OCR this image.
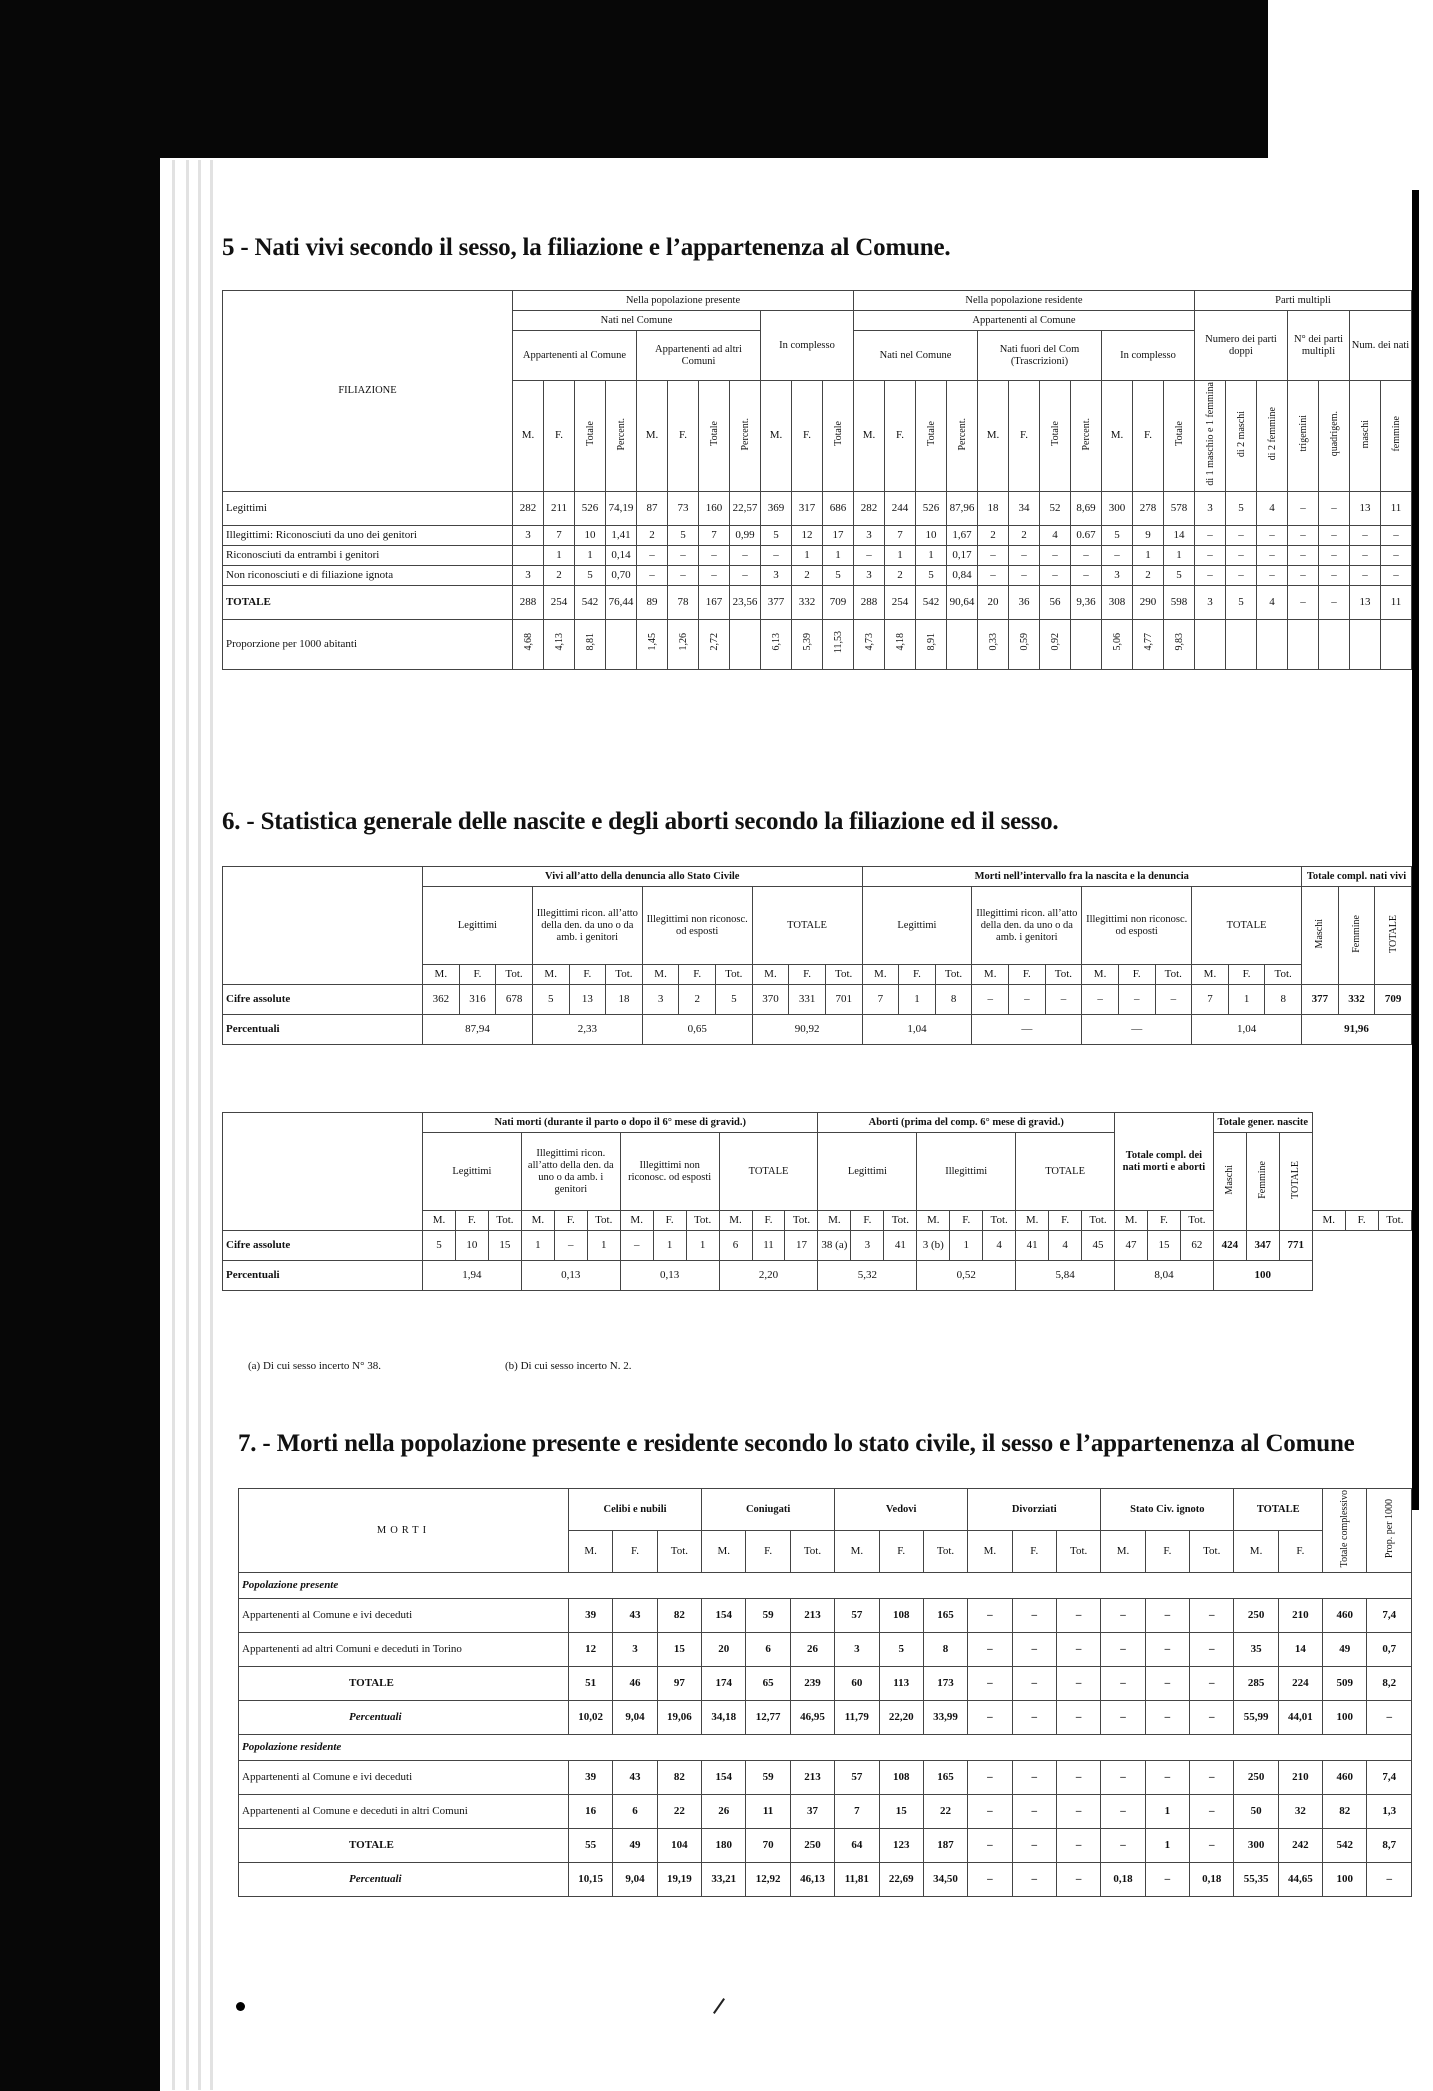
5 - Nati vivi secondo il sesso, la filiazione e l’appartenenza al Comune.
FILIAZIONE	Nella popolazione presente											Nella popolazione residente											Parti multipli						
	Nati nel Comune								In complesso			Appartenenti al Comune											Numero dei parti doppi			N° dei parti multipli		Num. dei nati	
	Appartenenti al Comune				Appartenenti ad altri Comuni							Nati nel Comune				Nati fuori del Com (Trascrizioni)				In complesso									
	M.	F.	Totale	Percent.	M.	F.	Totale	Percent.	M.	F.	Totale	M.	F.	Totale	Percent.	M.	F.	Totale	Percent.	M.	F.	Totale	di 1 maschio e 1 femmina	di 2 maschi	di 2 femmine	trigemini	quadrigem.	maschi	femmine
Legittimi	282	211	526	74,19	87	73	160	22,57	369	317	686	282	244	526	87,96	18	34	52	8,69	300	278	578	3	5	4	–	–	13	11
Illegittimi: Riconosciuti da uno dei genitori	3	7	10	1,41	2	5	7	0,99	5	12	17	3	7	10	1,67	2	2	4	0.67	5	9	14	–	–	–	–	–	–	–
Riconosciuti da entrambi i genitori		1	1	0,14	–	–	–	–	–	1	1	–	1	1	0,17	–	–	–	–	–	1	1	–	–	–	–	–	–	–
Non riconosciuti e di filiazione ignota	3	2	5	0,70	–	–	–	–	3	2	5	3	2	5	0,84	–	–	–	–	3	2	5	–	–	–	–	–	–	–
TOTALE	288	254	542	76,44	89	78	167	23,56	377	332	709	288	254	542	90,64	20	36	56	9,36	308	290	598	3	5	4	–	–	13	11
Proporzione per 1000 abitanti	4,68	4,13	8,81		1,45	1,26	2,72		6,13	5,39	11,53	4,73	4,18	8,91		0,33	0,59	0,92		5,06	4,77	9,83							
6. - Statistica generale delle nascite e degli aborti secondo la filiazione ed il sesso.
	Vivi all’atto della denuncia allo Stato Civile												Morti nell’intervallo fra la nascita e la denuncia												Totale compl. nati vivi		
	Legittimi			Illegittimi ricon. all’atto della den. da uno o da amb. i genitori			Illegittimi non riconosc. od esposti			TOTALE			Legittimi			Illegittimi ricon. all’atto della den. da uno o da amb. i genitori			Illegittimi non riconosc. od esposti			TOTALE			Maschi	Femmine	TOTALE
	M.	F.	Tot.	M.	F.	Tot.	M.	F.	Tot.	M.	F.	Tot.	M.	F.	Tot.	M.	F.	Tot.	M.	F.	Tot.	M.	F.	Tot.			
Cifre assolute	362	316	678	5	13	18	3	2	5	370	331	701	7	1	8	–	–	–	–	–	–	7	1	8	377	332	709
Percentuali	87,94			2,33			0,65			90,92			1,04			—			—			1,04			91,96		
	Nati morti (durante il parto o dopo il 6° mese di gravid.)												Aborti (prima del comp. 6° mese di gravid.)									Totale compl. dei nati morti e aborti			Totale gener. nascite					
	Legittimi			Illegittimi ricon. all’atto della den. da uno o da amb. i genitori			Illegittimi non riconosc. od esposti			TOTALE			Legittimi			Illegittimi			TOTALE						Maschi	Femmine	TOTALE			
	M.	F.	Tot.	M.	F.	Tot.	M.	F.	Tot.	M.	F.	Tot.	M.	F.	Tot.	M.	F.	Tot.	M.	F.	Tot.	M.	F.	Tot.				M.	F.	Tot.
Cifre assolute	5	10	15	1	–	1	–	1	1	6	11	17	38 (a)	3	41	3 (b)	1	4	41	4	45	47	15	62	424	347	771			
Percentuali	1,94			0,13			0,13			2,20			5,32			0,52			5,84			8,04			100					
(a) Di cui sesso incerto N° 38.	(b) Di cui sesso incerto N. 2.
7. - Morti nella popolazione presente e residente secondo lo stato civile, il sesso e l’appartenenza al Comune
MORTI	Celibi e nubili			Coniugati			Vedovi			Divorziati			Stato Civ. ignoto			TOTALE		Totale complessivo	Prop. per 1000
	M.	F.	Tot.	M.	F.	Tot.	M.	F.	Tot.	M.	F.	Tot.	M.	F.	Tot.	M.	F.		
Popolazione presente																			
Appartenenti al Comune e ivi deceduti	39	43	82	154	59	213	57	108	165	–	–	–	–	–	–	250	210	460	7,4
Appartenenti ad altri Comuni e deceduti in Torino	12	3	15	20	6	26	3	5	8	–	–	–	–	–	–	35	14	49	0,7
TOTALE	51	46	97	174	65	239	60	113	173	–	–	–	–	–	–	285	224	509	8,2
Percentuali	10,02	9,04	19,06	34,18	12,77	46,95	11,79	22,20	33,99	–	–	–	–	–	–	55,99	44,01	100	–
Popolazione residente																			
Appartenenti al Comune e ivi deceduti	39	43	82	154	59	213	57	108	165	–	–	–	–	–	–	250	210	460	7,4
Appartenenti al Comune e deceduti in altri Comuni	16	6	22	26	11	37	7	15	22	–	–	–	–	1	–	50	32	82	1,3
TOTALE	55	49	104	180	70	250	64	123	187	–	–	–	–	1	–	300	242	542	8,7
Percentuali	10,15	9,04	19,19	33,21	12,92	46,13	11,81	22,69	34,50	–	–	–	0,18	–	0,18	55,35	44,65	100	–
